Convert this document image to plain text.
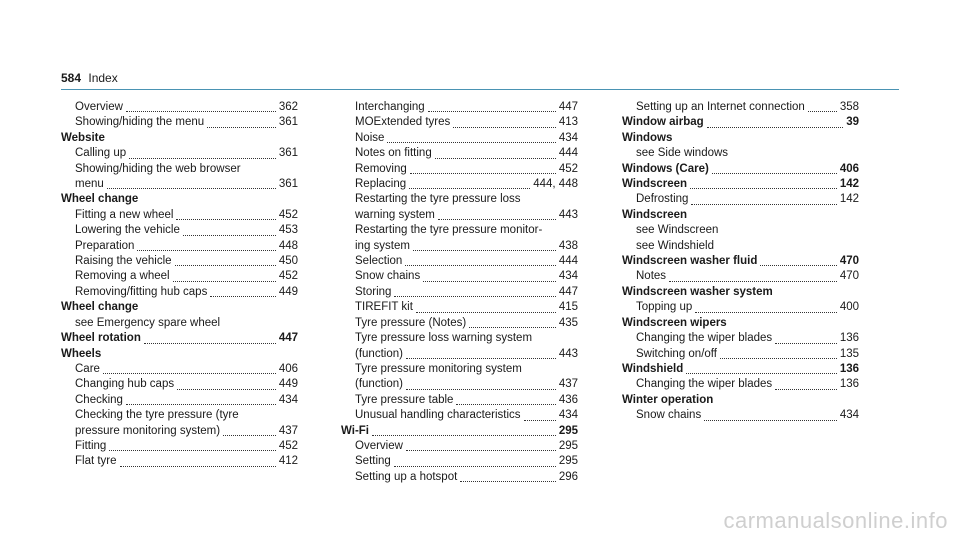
584 Index
Overview	362
Showing/hiding the menu	361
Website
Calling up	361
Showing/hiding the web browser
menu	361
Wheel change
Fitting a new wheel	452
Lowering the vehicle	453
Preparation	448
Raising the vehicle	450
Removing a wheel	452
Removing/fitting hub caps	449
Wheel change
see Emergency spare wheel
Wheel rotation	447
Wheels
Care	406
Changing hub caps	449
Checking	434
Checking the tyre pressure (tyre
pressure monitoring system)	437
Fitting	452
Flat tyre	412
Interchanging	447
MOExtended tyres	413
Noise	434
Notes on fitting	444
Removing	452
Replacing	444, 448
Restarting the tyre pressure loss
warning system	443
Restarting the tyre pressure monitor-
ing system	438
Selection	444
Snow chains	434
Storing	447
TIREFIT kit	415
Tyre pressure (Notes)	435
Tyre pressure loss warning system
(function)	443
Tyre pressure monitoring system
(function)	437
Tyre pressure table	436
Unusual handling characteristics	434
Wi-Fi	295
Overview	295
Setting	295
Setting up a hotspot	296
Setting up an Internet connection	358
Window airbag	39
Windows
see Side windows
Windows (Care)	406
Windscreen	142
Defrosting	142
Windscreen
see Windscreen
see Windshield
Windscreen washer fluid	470
Notes	470
Windscreen washer system
Topping up	400
Windscreen wipers
Changing the wiper blades	136
Switching on/off	135
Windshield	136
Changing the wiper blades	136
Winter operation
Snow chains	434
carmanualsonline.info
